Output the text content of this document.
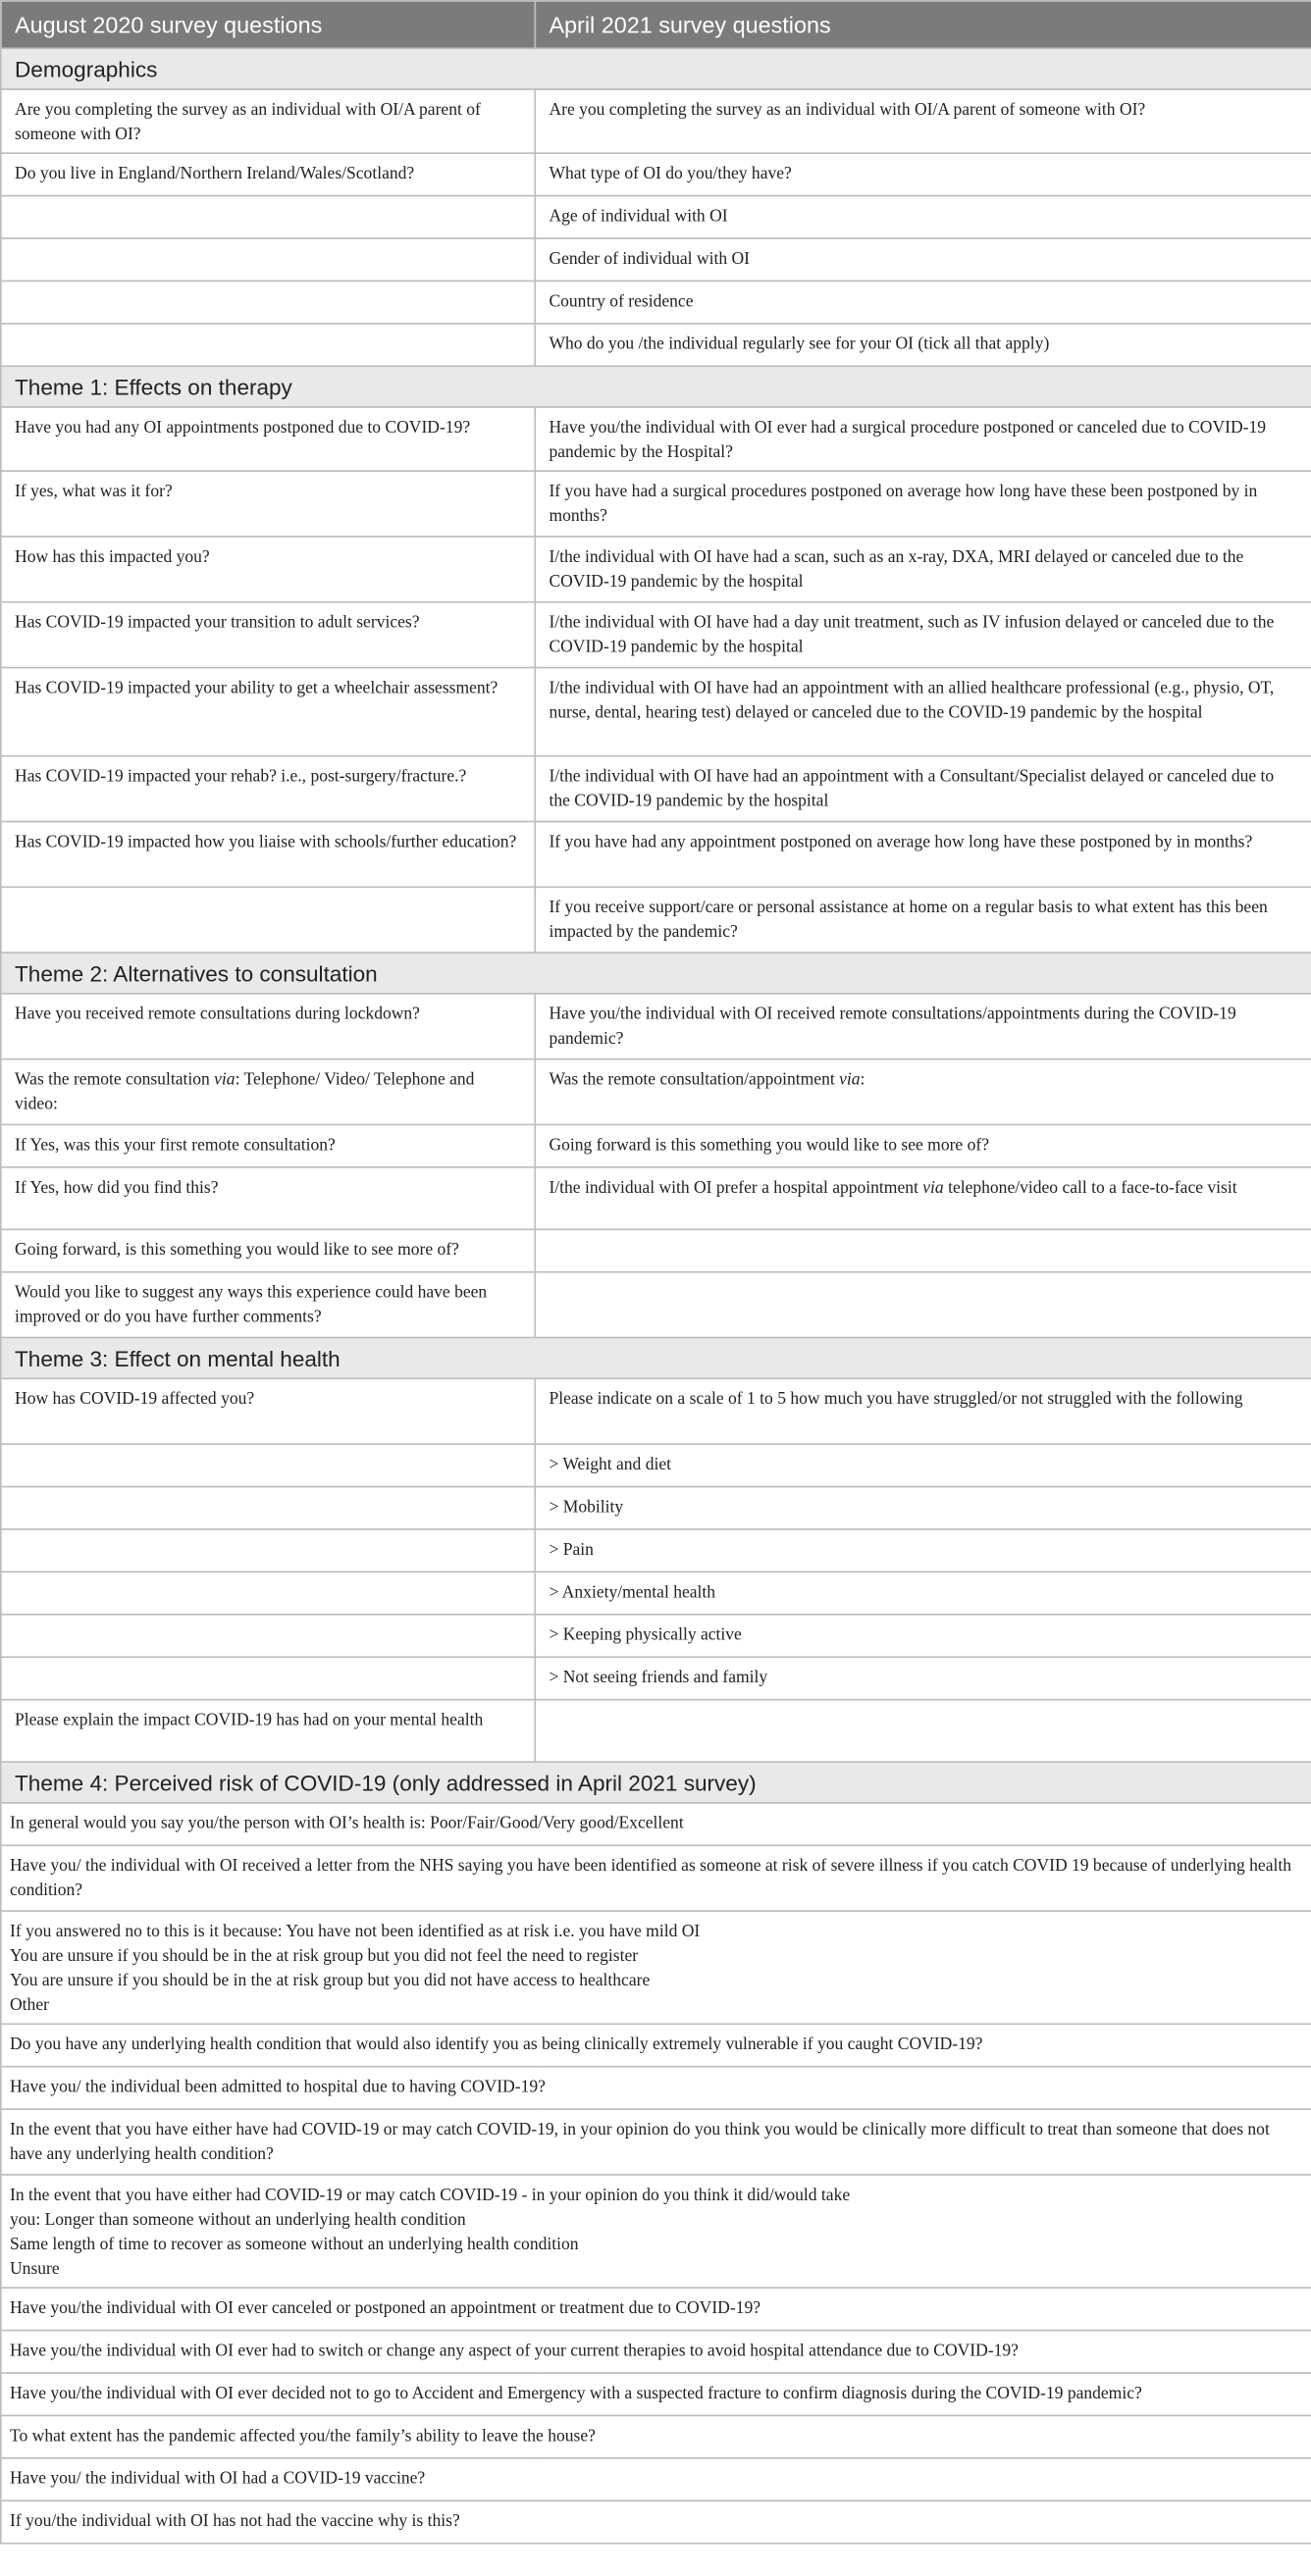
August 2020 survey questions	April 2021 survey questions
Demographics	
Are you completing the survey as an individual with OI/A parent of someone with OI?	Are you completing the survey as an individual with OI/A parent of someone with OI?
Do you live in England/Northern Ireland/Wales/Scotland?	What type of OI do you/they have?
	Age of individual with OI
	Gender of individual with OI
	Country of residence
	Who do you /the individual regularly see for your OI (tick all that apply)
Theme 1: Effects on therapy	
Have you had any OI appointments postponed due to COVID-19?	Have you/the individual with OI ever had a surgical procedure postponed or canceled due to COVID-19 pandemic by the Hospital?
If yes, what was it for?	If you have had a surgical procedures postponed on average how long have these been postponed by in months?
How has this impacted you?	I/the individual with OI have had a scan, such as an x-ray, DXA, MRI delayed or canceled due to the COVID-19 pandemic by the hospital
Has COVID-19 impacted your transition to adult services?	I/the individual with OI have had a day unit treatment, such as IV infusion delayed or canceled due to the COVID-19 pandemic by the hospital
Has COVID-19 impacted your ability to get a wheelchair assessment?	I/the individual with OI have had an appointment with an allied healthcare professional (e.g., physio, OT, nurse, dental, hearing test) delayed or canceled due to the COVID-19 pandemic by the hospital
Has COVID-19 impacted your rehab? i.e., post-surgery/fracture.?	I/the individual with OI have had an appointment with a Consultant/Specialist delayed or canceled due to the COVID-19 pandemic by the hospital
Has COVID-19 impacted how you liaise with schools/further education?	If you have had any appointment postponed on average how long have these postponed by in months?
	If you receive support/care or personal assistance at home on a regular basis to what extent has this been impacted by the pandemic?
Theme 2: Alternatives to consultation	
Have you received remote consultations during lockdown?	Have you/the individual with OI received remote consultations/appointments during the COVID-19 pandemic?
Was the remote consultation via: Telephone/ Video/ Telephone and video:	Was the remote consultation/appointment via:
If Yes, was this your first remote consultation?	Going forward is this something you would like to see more of?
If Yes, how did you find this?	I/the individual with OI prefer a hospital appointment via telephone/video call to a face-to-face visit
Going forward, is this something you would like to see more of?	
Would you like to suggest any ways this experience could have been improved or do you have further comments?	
Theme 3: Effect on mental health	
How has COVID-19 affected you?	Please indicate on a scale of 1 to 5 how much you have struggled/or not struggled with the following
	> Weight and diet
	> Mobility
	> Pain
	> Anxiety/mental health
	> Keeping physically active
	> Not seeing friends and family
Please explain the impact COVID-19 has had on your mental health	
Theme 4: Perceived risk of COVID-19 (only addressed in April 2021 survey)	
In general would you say you/the person with OI’s health is: Poor/Fair/Good/Very good/Excellent	
Have you/ the individual with OI received a letter from the NHS saying you have been identified as someone at risk of severe illness if you catch COVID 19 because of underlying health condition?	

If you answered no to this is it because: You have not been identified as at risk i.e. you have mild OI
You are unsure if you should be in the at risk group but you did not feel the need to register
You are unsure if you should be in the at risk group but you did not have access to healthcare
Other	

Do you have any underlying health condition that would also identify you as being clinically extremely vulnerable if you caught COVID-19?	
Have you/ the individual been admitted to hospital due to having COVID-19?	
In the event that you have either have had COVID-19 or may catch COVID-19, in your opinion do you think you would be clinically more difficult to treat than someone that does not have any underlying health condition?	

In the event that you have either had COVID-19 or may catch COVID-19 - in your opinion do you think it did/would take
you: Longer than someone without an underlying health condition
Same length of time to recover as someone without an underlying health condition
Unsure	

Have you/the individual with OI ever canceled or postponed an appointment or treatment due to COVID-19?	
Have you/the individual with OI ever had to switch or change any aspect of your current therapies to avoid hospital attendance due to COVID-19?	
Have you/the individual with OI ever decided not to go to Accident and Emergency with a suspected fracture to confirm diagnosis during the COVID-19 pandemic?	
To what extent has the pandemic affected you/the family’s ability to leave the house?	
Have you/ the individual with OI had a COVID-19 vaccine?	
If you/the individual with OI has not had the vaccine why is this?	
